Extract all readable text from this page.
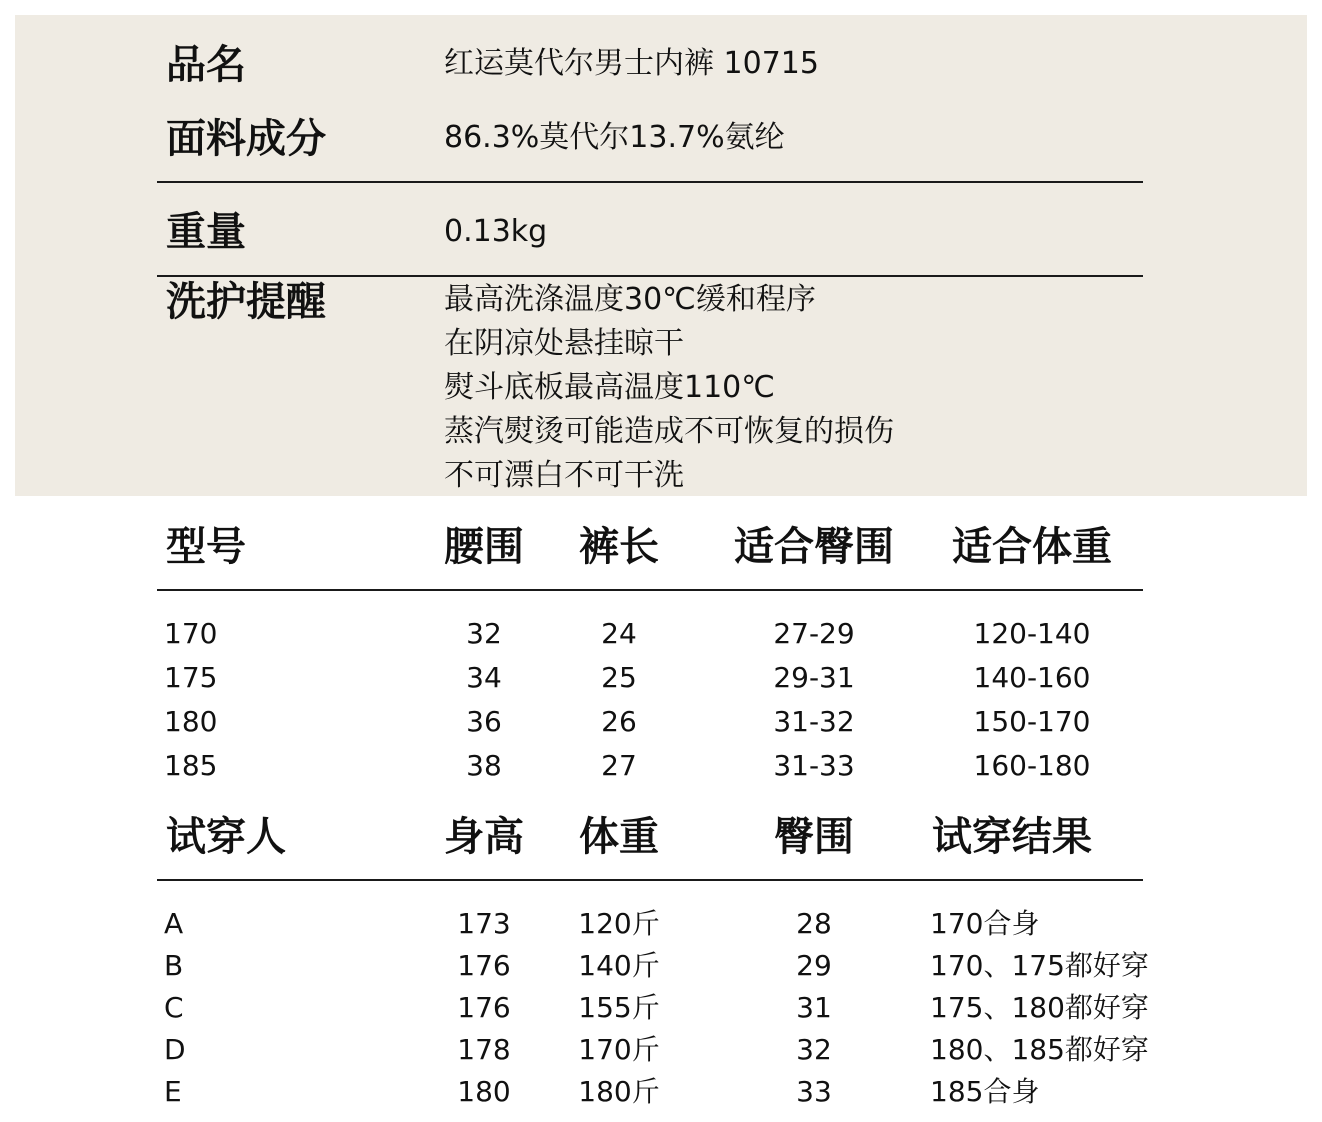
品名	红运莫代尔男士内裤 10715
面料成分	86.3%莫代尔13.7%氨纶
重量	0.13kg
洗护提醒	最高洗涤温度30℃缓和程序
在阴凉处悬挂晾干
熨斗底板最高温度110℃
蒸汽熨烫可能造成不可恢复的损伤
不可漂白不可干洗
型号	腰围 裤长 适合臀围 适合体重
170	32	24	27-29	120-140
175	34	25	29-31	140-160
180	36	26	31-32	150-170
185	38	27	31-33	160-180
试穿人	身高 体重	臀围 试穿结果
A	173 120斤	28	170合身
B	176 140斤	29	170、175都好穿
C	176 155斤	31	175、180都好穿
D	178 170斤	32	180、185都好穿
E	180 180斤	33	185合身
